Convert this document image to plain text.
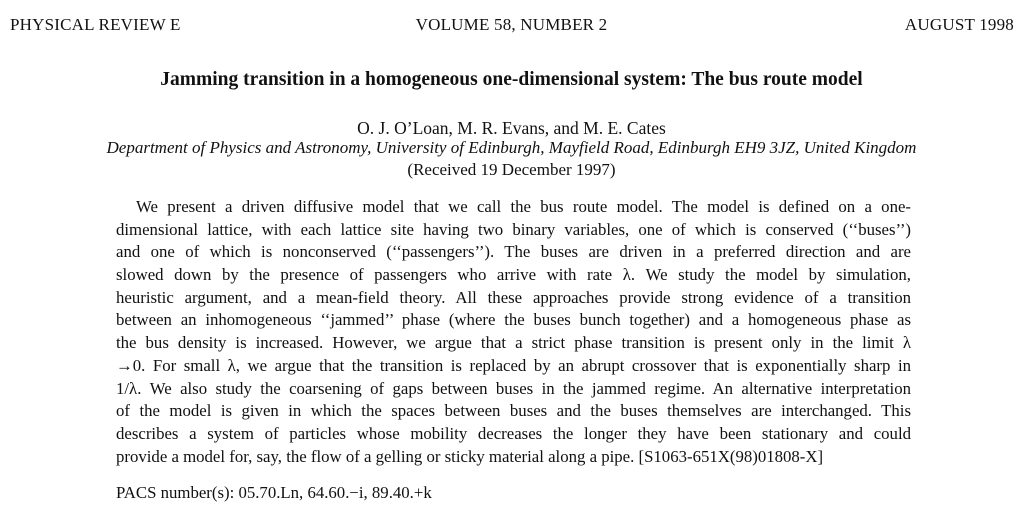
PHYSICAL REVIEW E	VOLUME 58, NUMBER 2	AUGUST 1998
Jamming transition in a homogeneous one-dimensional system: The bus route model
O. J. O’Loan, M. R. Evans, and M. E. Cates
Department of Physics and Astronomy, University of Edinburgh, Mayfield Road, Edinburgh EH9 3JZ, United Kingdom
(Received 19 December 1997)
We present a driven diffusive model that we call the bus route model. The model is defined on a one-
dimensional lattice, with each lattice site having two binary variables, one of which is conserved (‘‘buses’’)
and one of which is nonconserved (‘‘passengers’’). The buses are driven in a preferred direction and are
slowed down by the presence of passengers who arrive with rate λ. We study the model by simulation,
heuristic argument, and a mean-field theory. All these approaches provide strong evidence of a transition
between an inhomogeneous ‘‘jammed’’ phase (where the buses bunch together) and a homogeneous phase as
the bus density is increased. However, we argue that a strict phase transition is present only in the limit λ
→0. For small λ, we argue that the transition is replaced by an abrupt crossover that is exponentially sharp in
1/λ. We also study the coarsening of gaps between buses in the jammed regime. An alternative interpretation
of the model is given in which the spaces between buses and the buses themselves are interchanged. This
describes a system of particles whose mobility decreases the longer they have been stationary and could
provide a model for, say, the flow of a gelling or sticky material along a pipe. [S1063-651X(98)01808-X]
PACS number(s): 05.70.Ln, 64.60.−i, 89.40.+k
